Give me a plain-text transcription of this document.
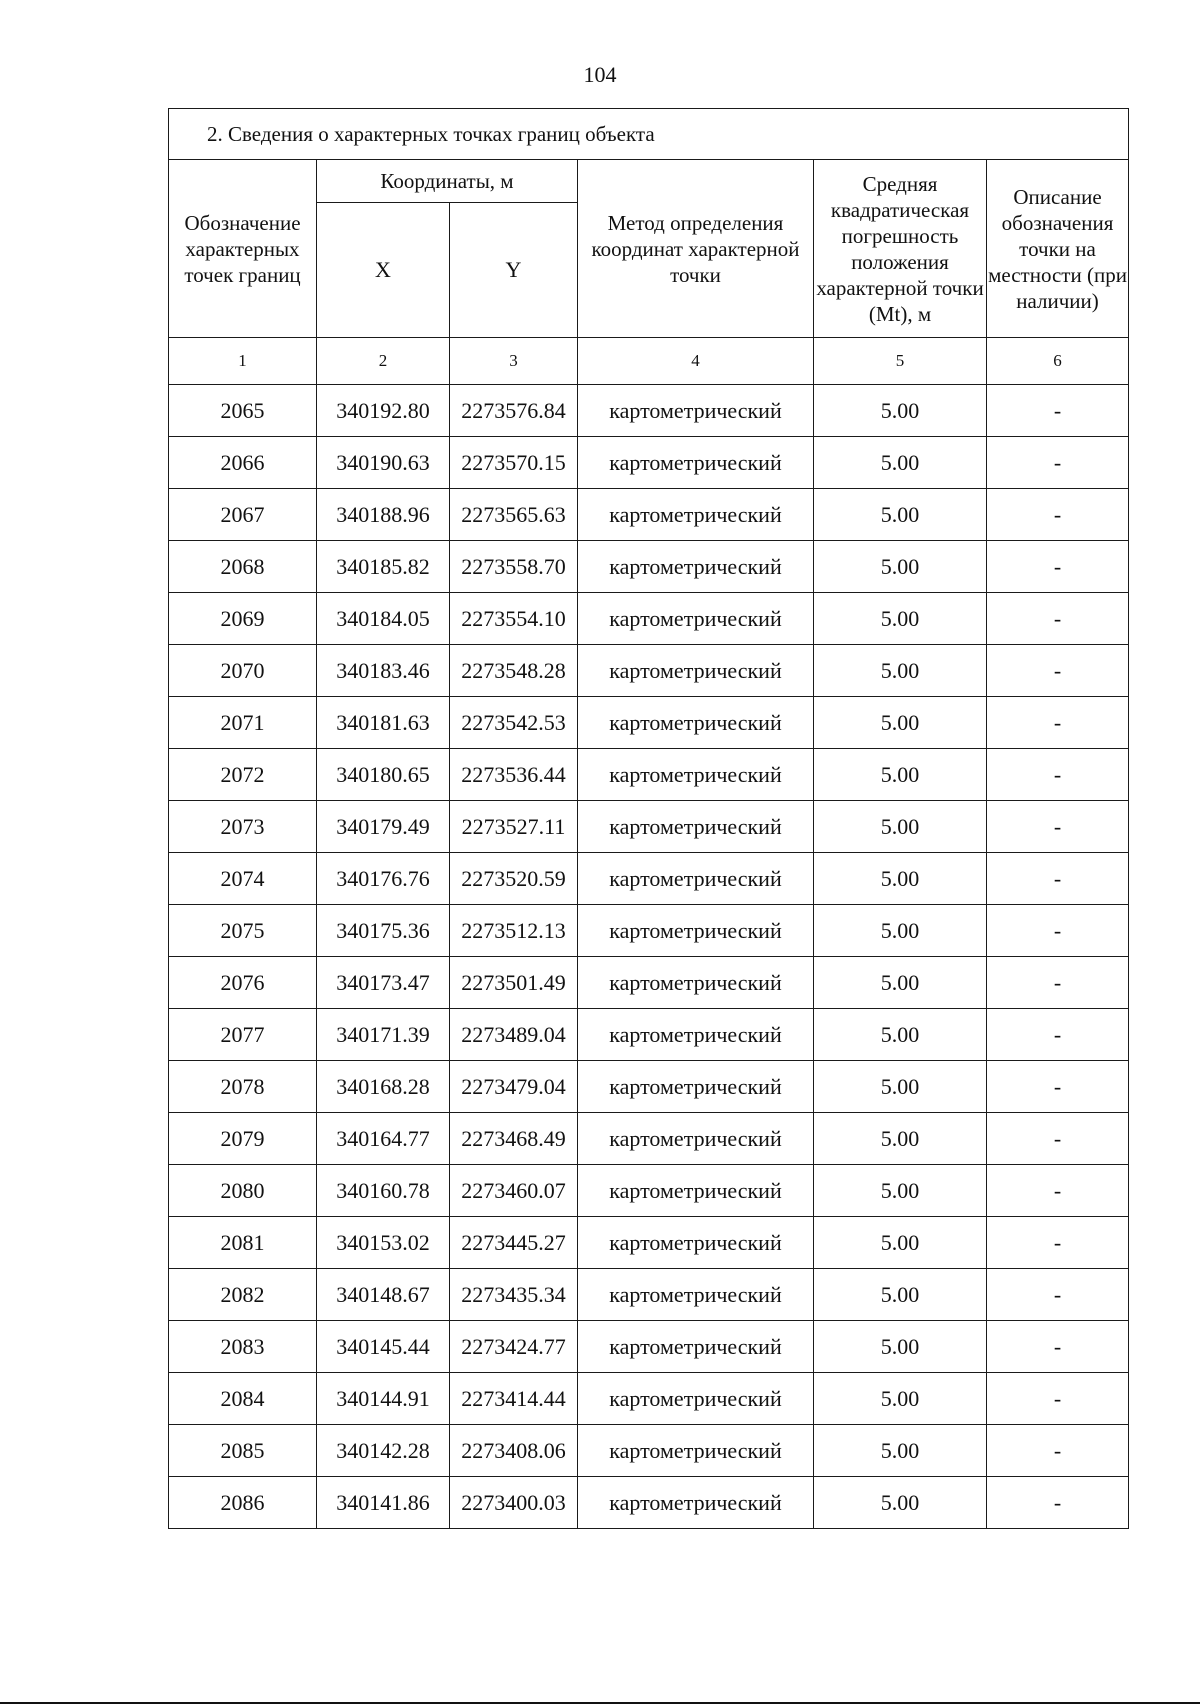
104
2. Сведения о характерных точках границ объекта					
Обозначение характерных точек границ	Координаты, м		Метод определения координат характерной точки	Средняя квадратическая погрешность положения характерной точки (Mt), м	Описание обозначения точки на местности (при наличии)
	X	Y			
1	2	3	4	5	6
2065	340192.80	2273576.84	картометрический	5.00	-
2066	340190.63	2273570.15	картометрический	5.00	-
2067	340188.96	2273565.63	картометрический	5.00	-
2068	340185.82	2273558.70	картометрический	5.00	-
2069	340184.05	2273554.10	картометрический	5.00	-
2070	340183.46	2273548.28	картометрический	5.00	-
2071	340181.63	2273542.53	картометрический	5.00	-
2072	340180.65	2273536.44	картометрический	5.00	-
2073	340179.49	2273527.11	картометрический	5.00	-
2074	340176.76	2273520.59	картометрический	5.00	-
2075	340175.36	2273512.13	картометрический	5.00	-
2076	340173.47	2273501.49	картометрический	5.00	-
2077	340171.39	2273489.04	картометрический	5.00	-
2078	340168.28	2273479.04	картометрический	5.00	-
2079	340164.77	2273468.49	картометрический	5.00	-
2080	340160.78	2273460.07	картометрический	5.00	-
2081	340153.02	2273445.27	картометрический	5.00	-
2082	340148.67	2273435.34	картометрический	5.00	-
2083	340145.44	2273424.77	картометрический	5.00	-
2084	340144.91	2273414.44	картометрический	5.00	-
2085	340142.28	2273408.06	картометрический	5.00	-
2086	340141.86	2273400.03	картометрический	5.00	-
